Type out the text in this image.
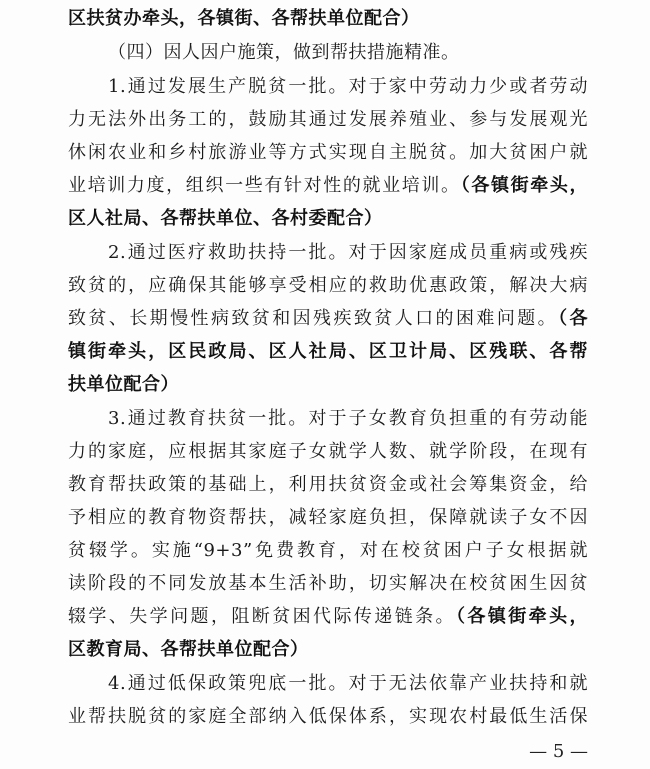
区扶贫办牵头，各镇街、各帮扶单位配合）
（四）因人因户施策，做到帮扶措施精准。
1.通过发展生产脱贫一批。对于家中劳动力少或者劳动
力无法外出务工的，鼓励其通过发展养殖业、参与发展观光
休闲农业和乡村旅游业等方式实现自主脱贫。加大贫困户就
业培训力度，组织一些有针对性的就业培训。（各镇街牵头，
区人社局、各帮扶单位、各村委配合）
2.通过医疗救助扶持一批。对于因家庭成员重病或残疾
致贫的，应确保其能够享受相应的救助优惠政策，解决大病
致贫、长期慢性病致贫和因残疾致贫人口的困难问题。（各
镇街牵头，区民政局、区人社局、区卫计局、区残联、各帮
扶单位配合）
3.通过教育扶贫一批。对于子女教育负担重的有劳动能
力的家庭，应根据其家庭子女就学人数、就学阶段，在现有
教育帮扶政策的基础上，利用扶贫资金或社会筹集资金，给
予相应的教育物资帮扶，减轻家庭负担，保障就读子女不因
贫辍学。实施“9+3”免费教育，对在校贫困户子女根据就
读阶段的不同发放基本生活补助，切实解决在校贫困生因贫
辍学、失学问题，阻断贫困代际传递链条。（各镇街牵头，
区教育局、各帮扶单位配合）
4.通过低保政策兜底一批。对于无法依靠产业扶持和就
业帮扶脱贫的家庭全部纳入低保体系，实现农村最低生活保
— 5 —
